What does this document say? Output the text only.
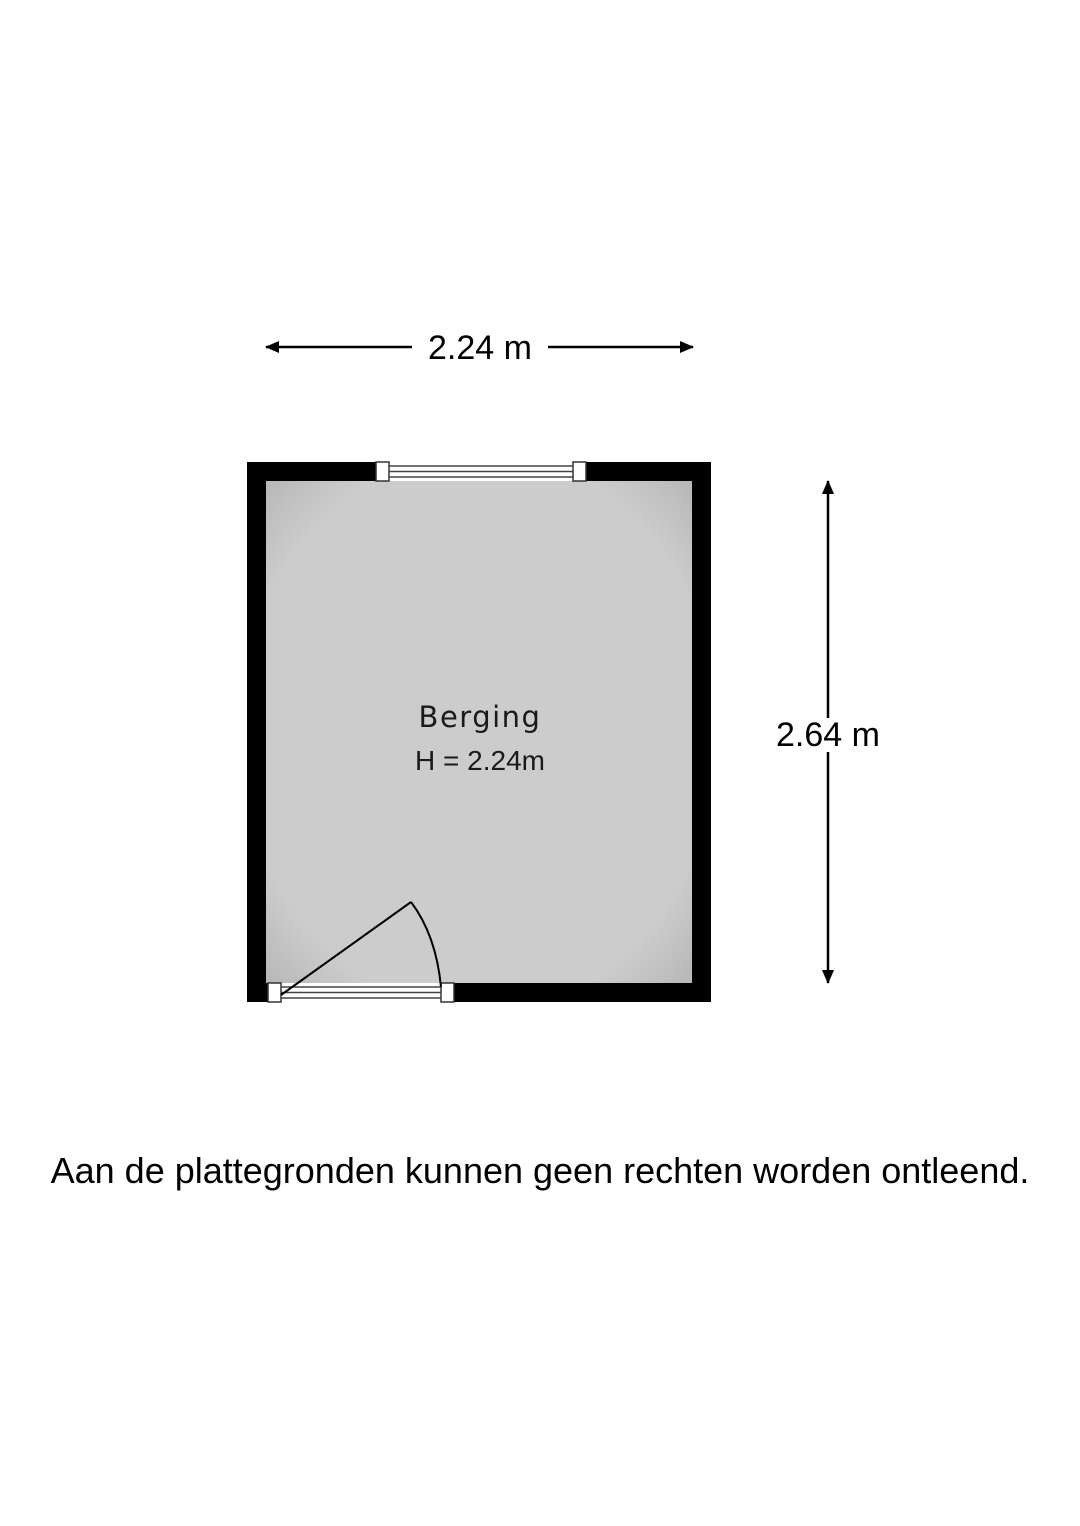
2.24 m
2.64 m
Berging
H = 2.24m
Aan de plattegronden kunnen geen rechten worden ontleend.
